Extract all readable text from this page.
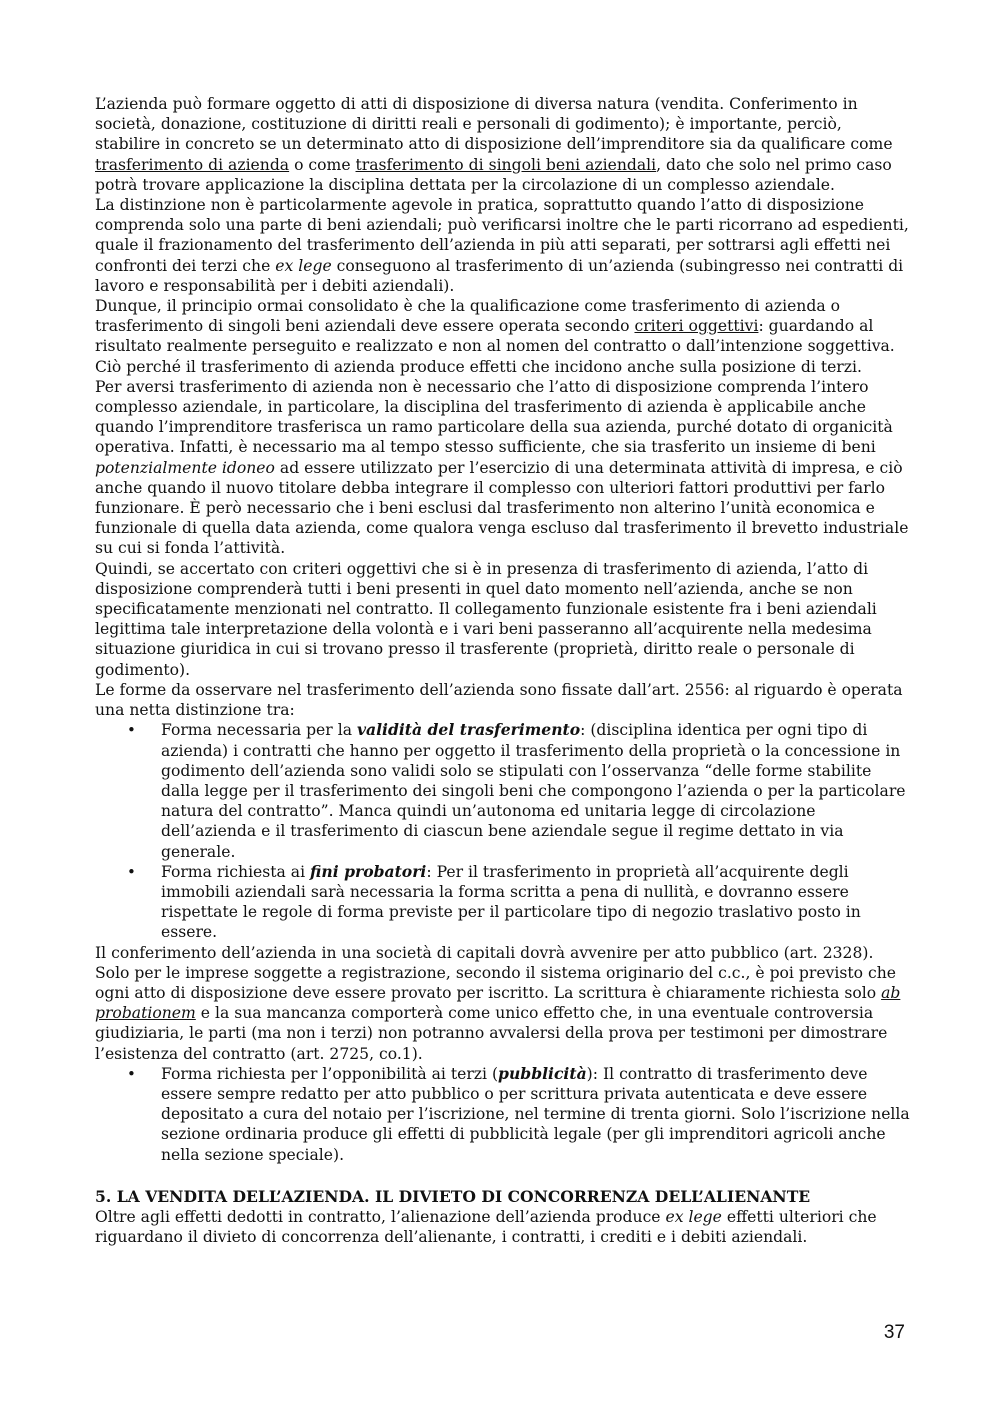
L’azienda può formare oggetto di atti di disposizione di diversa natura (vendita. Conferimento in società, donazione, costituzione di diritti reali e personali di godimento); è importante, perciò, stabilire in concreto se un determinato atto di disposizione dell’imprenditore sia da qualificare come trasferimento di azienda o come trasferimento di singoli beni aziendali, dato che solo nel primo caso potrà trovare applicazione la disciplina dettata per la circolazione di un complesso aziendale.

La distinzione non è particolarmente agevole in pratica, soprattutto quando l’atto di disposizione comprenda solo una parte di beni aziendali; può verificarsi inoltre che le parti ricorrano ad espedienti, quale il frazionamento del trasferimento dell’azienda in più atti separati, per sottrarsi agli effetti nei confronti dei terzi che ex lege conseguono al trasferimento di un’azienda (subingresso nei contratti di lavoro e responsabilità per i debiti aziendali).

Dunque, il principio ormai consolidato è che la qualificazione come trasferimento di azienda o trasferimento di singoli beni aziendali deve essere operata secondo criteri oggettivi: guardando al risultato realmente perseguito e realizzato e non al nomen del contratto o dall’intenzione soggettiva. Ciò perché il trasferimento di azienda produce effetti che incidono anche sulla posizione di terzi.

Per aversi trasferimento di azienda non è necessario che l’atto di disposizione comprenda l’intero complesso aziendale, in particolare, la disciplina del trasferimento di azienda è applicabile anche quando l’imprenditore trasferisca un ramo particolare della sua azienda, purché dotato di organicità operativa. Infatti, è necessario ma al tempo stesso sufficiente, che sia trasferito un insieme di beni potenzialmente idoneo ad essere utilizzato per l’esercizio di una determinata attività di impresa, e ciò anche quando il nuovo titolare debba integrare il complesso con ulteriori fattori produttivi per farlo funzionare. È però necessario che i beni esclusi dal trasferimento non alterino l’unità economica e funzionale di quella data azienda, come qualora venga escluso dal trasferimento il brevetto industriale su cui si fonda l’attività.

Quindi, se accertato con criteri oggettivi che si è in presenza di trasferimento di azienda, l’atto di disposizione comprenderà tutti i beni presenti in quel dato momento nell’azienda, anche se non specificatamente menzionati nel contratto. Il collegamento funzionale esistente fra i beni aziendali legittima tale interpretazione della volontà e i vari beni passeranno all’acquirente nella medesima situazione giuridica in cui si trovano presso il trasferente (proprietà, diritto reale o personale di godimento).

Le forme da osservare nel trasferimento dell’azienda sono fissate dall’art. 2556: al riguardo è operata una netta distinzione tra:

• Forma necessaria per la validità del trasferimento: (disciplina identica per ogni tipo di azienda) i contratti che hanno per oggetto il trasferimento della proprietà o la concessione in godimento dell’azienda sono validi solo se stipulati con l’osservanza “delle forme stabilite dalla legge per il trasferimento dei singoli beni che compongono l’azienda o per la particolare natura del contratto”. Manca quindi un’autonoma ed unitaria legge di circolazione dell’azienda e il trasferimento di ciascun bene aziendale segue il regime dettato in via generale.
• Forma richiesta ai fini probatori: Per il trasferimento in proprietà all’acquirente degli immobili aziendali sarà necessaria la forma scritta a pena di nullità, e dovranno essere rispettate le regole di forma previste per il particolare tipo di negozio traslativo posto in essere.

Il conferimento dell’azienda in una società di capitali dovrà avvenire per atto pubblico (art. 2328). Solo per le imprese soggette a registrazione, secondo il sistema originario del c.c., è poi previsto che ogni atto di disposizione deve essere provato per iscritto. La scrittura è chiaramente richiesta solo ab probationem e la sua mancanza comporterà come unico effetto che, in una eventuale controversia giudiziaria, le parti (ma non i terzi) non potranno avvalersi della prova per testimoni per dimostrare l’esistenza del contratto (art. 2725, co.1).

• Forma richiesta per l’opponibilità ai terzi (pubblicità): Il contratto di trasferimento deve essere sempre redatto per atto pubblico o per scrittura privata autenticata e deve essere depositato a cura del notaio per l’iscrizione, nel termine di trenta giorni. Solo l’iscrizione nella sezione ordinaria produce gli effetti di pubblicità legale (per gli imprenditori agricoli anche nella sezione speciale).

5. LA VENDITA DELL’AZIENDA. IL DIVIETO DI CONCORRENZA DELL’ALIENANTE

Oltre agli effetti dedotti in contratto, l’alienazione dell’azienda produce ex lege effetti ulteriori che riguardano il divieto di concorrenza dell’alienante, i contratti, i crediti e i debiti aziendali.

37
